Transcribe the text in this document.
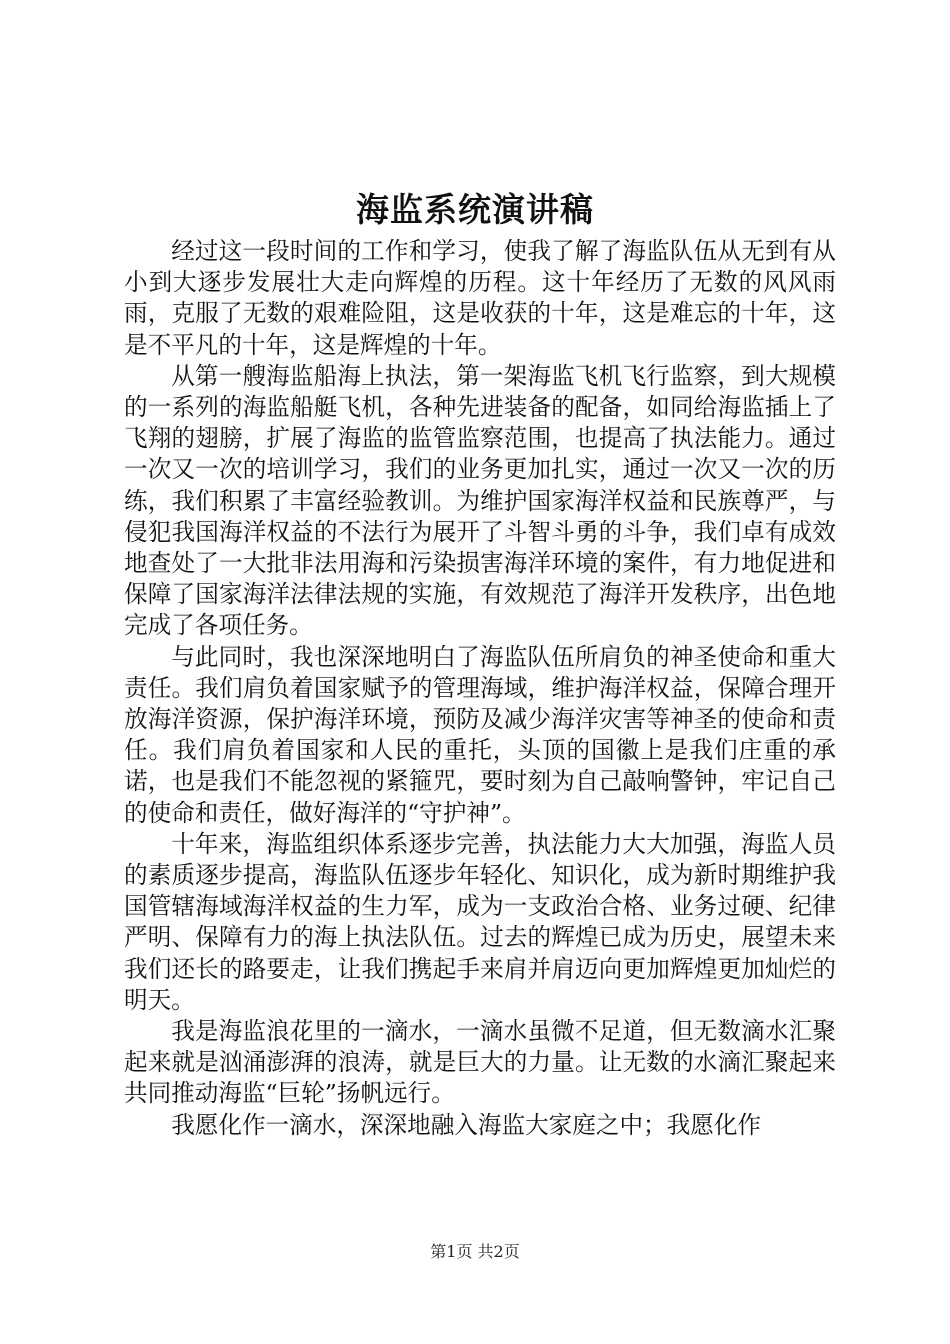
海监系统演讲稿

经过这一段时间的工作和学习，使我了解了海监队伍从无到有从小到大逐步发展壮大走向辉煌的历程。这十年经历了无数的风风雨雨，克服了无数的艰难险阻，这是收获的十年，这是难忘的十年，这是不平凡的十年，这是辉煌的十年。

从第一艘海监船海上执法，第一架海监飞机飞行监察，到大规模的一系列的海监船艇飞机，各种先进装备的配备，如同给海监插上了飞翔的翅膀，扩展了海监的监管监察范围，也提高了执法能力。通过一次又一次的培训学习，我们的业务更加扎实，通过一次又一次的历练，我们积累了丰富经验教训。为维护国家海洋权益和民族尊严，与侵犯我国海洋权益的不法行为展开了斗智斗勇的斗争，我们卓有成效地查处了一大批非法用海和污染损害海洋环境的案件，有力地促进和保障了国家海洋法律法规的实施，有效规范了海洋开发秩序，出色地完成了各项任务。

与此同时，我也深深地明白了海监队伍所肩负的神圣使命和重大责任。我们肩负着国家赋予的管理海域，维护海洋权益，保障合理开放海洋资源，保护海洋环境，预防及减少海洋灾害等神圣的使命和责任。我们肩负着国家和人民的重托，头顶的国徽上是我们庄重的承诺，也是我们不能忽视的紧箍咒，要时刻为自己敲响警钟，牢记自己的使命和责任，做好海洋的“守护神”。

十年来，海监组织体系逐步完善，执法能力大大加强，海监人员的素质逐步提高，海监队伍逐步年轻化、知识化，成为新时期维护我国管辖海域海洋权益的生力军，成为一支政治合格、业务过硬、纪律严明、保障有力的海上执法队伍。过去的辉煌已成为历史，展望未来我们还长的路要走，让我们携起手来肩并肩迈向更加辉煌更加灿烂的明天。

我是海监浪花里的一滴水，一滴水虽微不足道，但无数滴水汇聚起来就是汹涌澎湃的浪涛，就是巨大的力量。让无数的水滴汇聚起来共同推动海监“巨轮”扬帆远行。

我愿化作一滴水，深深地融入海监大家庭之中；我愿化作

第1页 共2页
